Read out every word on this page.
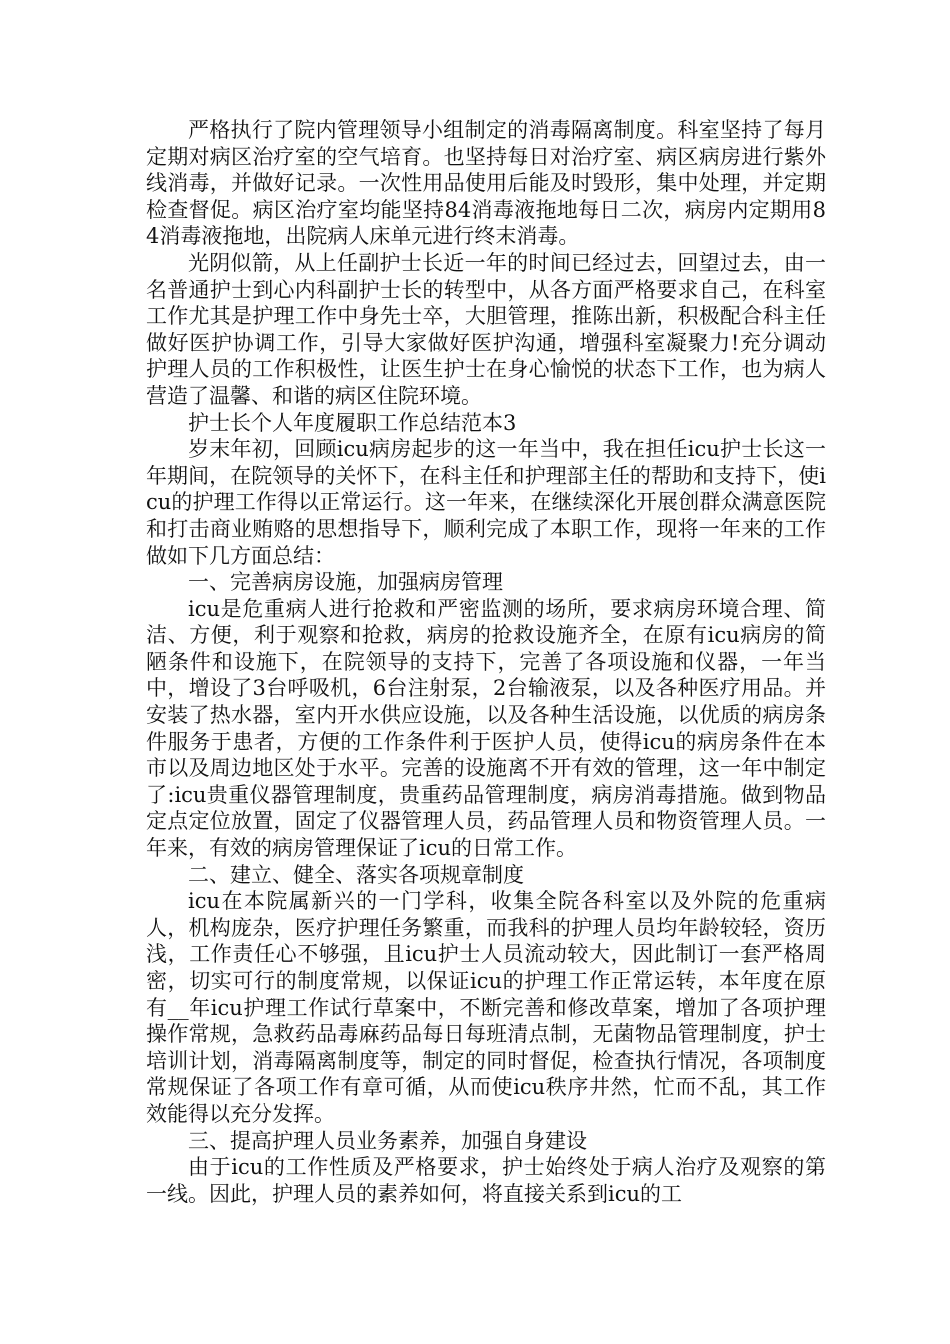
严格执行了院内管理领导小组制定的消毒隔离制度。科室坚持了每月定期对病区治疗室的空气培育。也坚持每日对治疗室、病区病房进行紫外线消毒，并做好记录。一次性用品使用后能及时毁形，集中处理，并定期检查督促。病区治疗室均能坚持84消毒液拖地每日二次，病房内定期用84消毒液拖地，出院病人床单元进行终末消毒。

光阴似箭，从上任副护士长近一年的时间已经过去，回望过去，由一名普通护士到心内科副护士长的转型中，从各方面严格要求自己，在科室工作尤其是护理工作中身先士卒，大胆管理，推陈出新，积极配合科主任做好医护协调工作，引导大家做好医护沟通，增强科室凝聚力!充分调动护理人员的工作积极性，让医生护士在身心愉悦的状态下工作，也为病人营造了温馨、和谐的病区住院环境。

护士长个人年度履职工作总结范本3

岁末年初，回顾icu病房起步的这一年当中，我在担任icu护士长这一年期间，在院领导的关怀下，在科主任和护理部主任的帮助和支持下，使icu的护理工作得以正常运行。这一年来，在继续深化开展创群众满意医院和打击商业贿赂的思想指导下，顺利完成了本职工作，现将一年来的工作做如下几方面总结：

一、完善病房设施，加强病房管理

icu是危重病人进行抢救和严密监测的场所，要求病房环境合理、简洁、方便，利于观察和抢救，病房的抢救设施齐全，在原有icu病房的简陋条件和设施下，在院领导的支持下，完善了各项设施和仪器，一年当中，增设了3台呼吸机，6台注射泵，2台输液泵，以及各种医疗用品。并安装了热水器，室内开水供应设施，以及各种生活设施，以优质的病房条件服务于患者，方便的工作条件利于医护人员，使得icu的病房条件在本市以及周边地区处于水平。完善的设施离不开有效的管理，这一年中制定了:icu贵重仪器管理制度，贵重药品管理制度，病房消毒措施。做到物品定点定位放置，固定了仪器管理人员，药品管理人员和物资管理人员。一年来，有效的病房管理保证了icu的日常工作。

二、建立、健全、落实各项规章制度

icu在本院属新兴的一门学科，收集全院各科室以及外院的危重病人，机构庞杂，医疗护理任务繁重，而我科的护理人员均年龄较轻，资历浅，工作责任心不够强，且icu护士人员流动较大，因此制订一套严格周密，切实可行的制度常规，以保证icu的护理工作正常运转，本年度在原有__年icu护理工作试行草案中，不断完善和修改草案，增加了各项护理操作常规，急救药品毒麻药品每日每班清点制，无菌物品管理制度，护士培训计划，消毒隔离制度等，制定的同时督促，检查执行情况，各项制度常规保证了各项工作有章可循，从而使icu秩序井然，忙而不乱，其工作效能得以充分发挥。

三、提高护理人员业务素养，加强自身建设

由于icu的工作性质及严格要求，护士始终处于病人治疗及观察的第一线。因此，护理人员的素养如何，将直接关系到icu的工
